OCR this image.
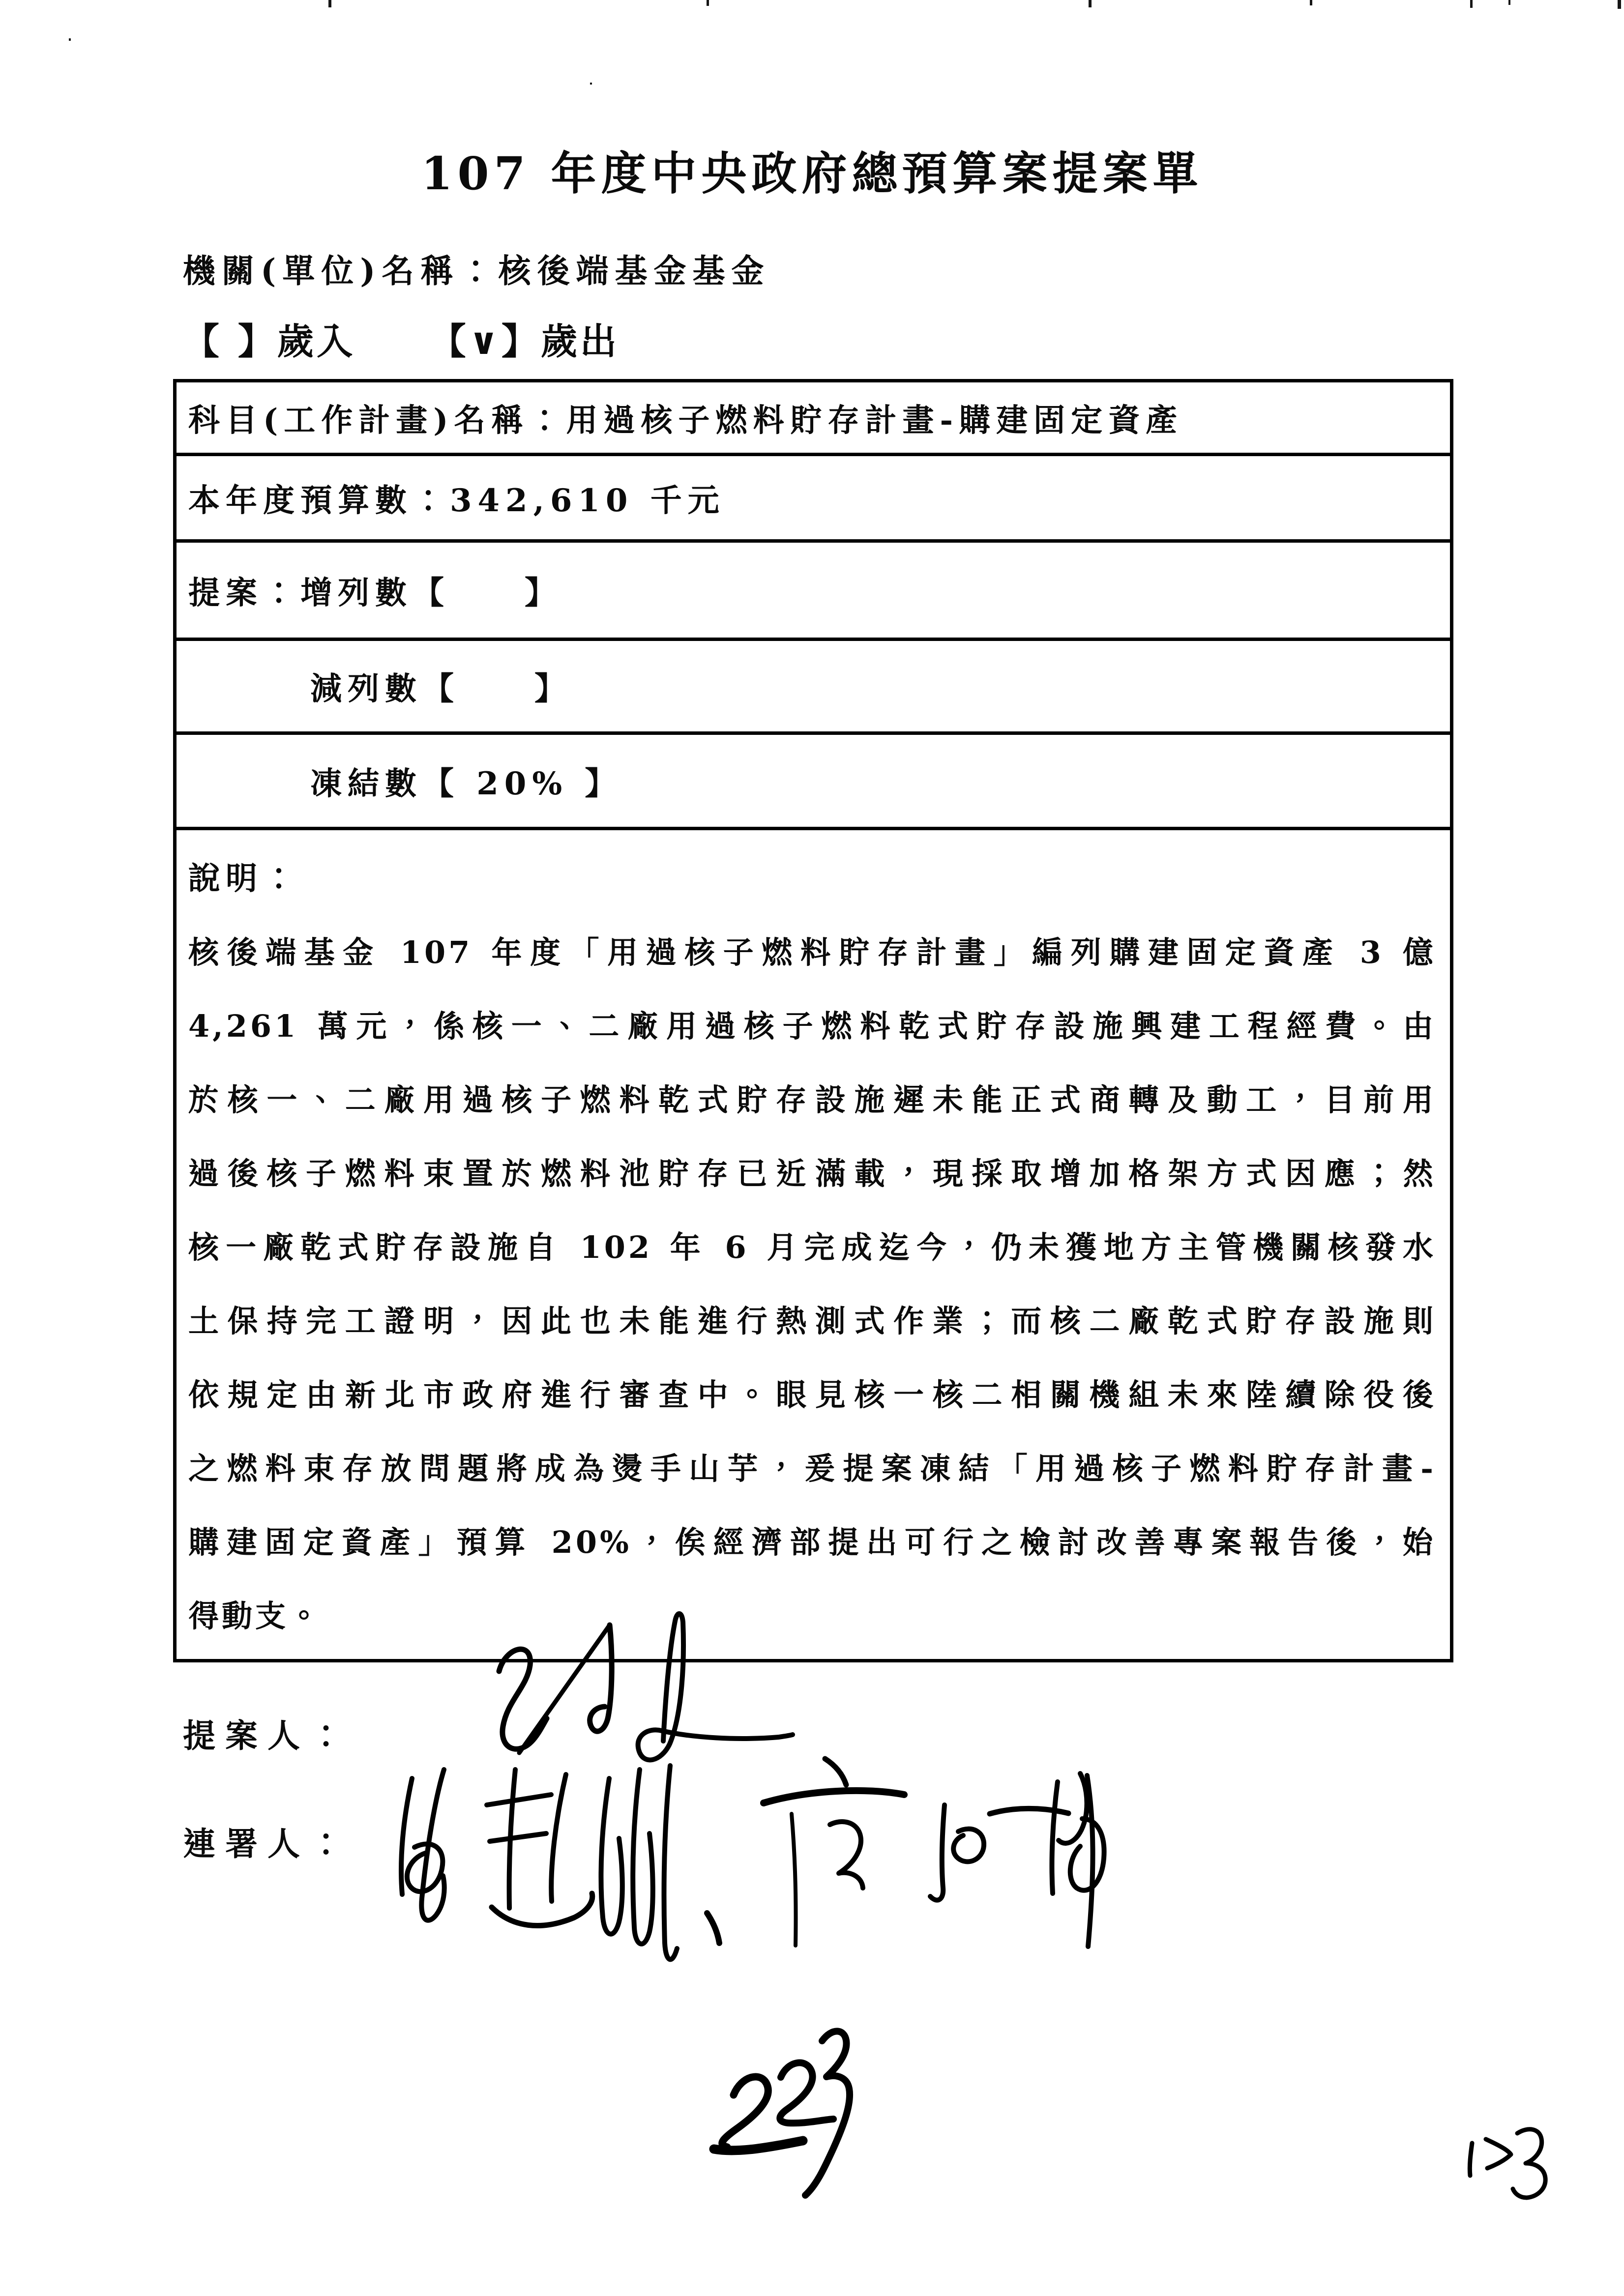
107 年度中央政府總預算案提案單
機關(單位)名稱：核後端基金基金
【 】歲入 【∨】歲出
科目(工作計畫)名稱：用過核子燃料貯存計畫-購建固定資產
本年度預算數：342,610 千元
提案： 增列數【　　】
減列數【　　】
凍結數【 20% 】
說明：
核後端基金 107 年度「用過核子燃料貯存計畫」編列購建固定資產 3 億
4,261 萬元，係核一、二廠用過核子燃料乾式貯存設施興建工程經費。由
於核一、二廠用過核子燃料乾式貯存設施遲未能正式商轉及動工，目前用
過後核子燃料束置於燃料池貯存已近滿載，現採取增加格架方式因應；然
核一廠乾式貯存設施自 102 年 6 月完成迄今，仍未獲地方主管機關核發水
土保持完工證明，因此也未能進行熱測式作業；而核二廠乾式貯存設施則
依規定由新北市政府進行審查中。眼見核一核二相關機組未來陸續除役後
之燃料束存放問題將成為燙手山芋，爰提案凍結「用過核子燃料貯存計畫-
購建固定資產」預算 20%，俟經濟部提出可行之檢討改善專案報告後，始
得動支。
提案人：
連署人：
